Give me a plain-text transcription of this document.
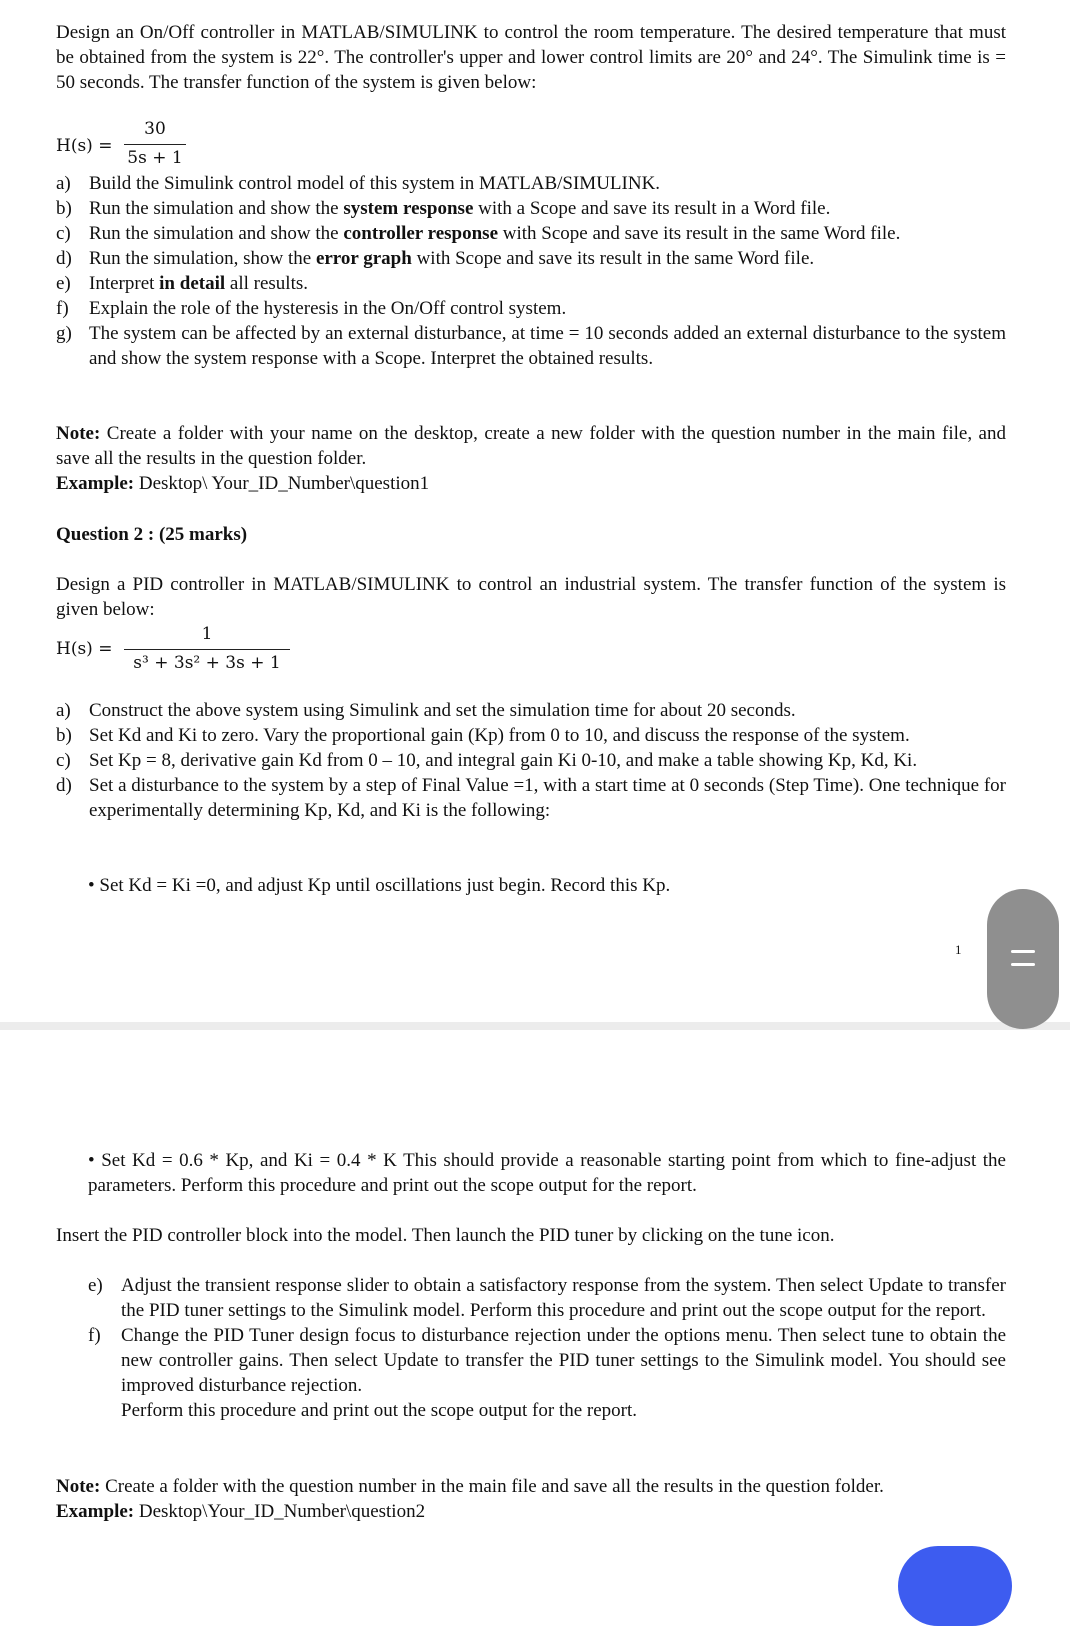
Design an On/Off controller in MATLAB/SIMULINK to control the room temperature. The desired temperature that must be obtained from the system is 22°. The controller's upper and lower control limits are 20° and 24°. The Simulink time is = 50 seconds. The transfer function of the system is given below:

H(s) =
30
5s + 1
a) Build the Simulink control model of this system in MATLAB/SIMULINK.
b) Run the simulation and show the system response with a Scope and save its result in a Word file.
c) Run the simulation and show the controller response with Scope and save its result in the same Word file.
d) Run the simulation, show the error graph with Scope and save its result in the same Word file.
e) Interpret in detail all results.
f) Explain the role of the hysteresis in the On/Off control system.
g) The system can be affected by an external disturbance, at time = 10 seconds added an external disturbance to the system and show the system response with a Scope. Interpret the obtained results.

Note: Create a folder with your name on the desktop, create a new folder with the question number in the main file, and save all the results in the question folder.
Example: Desktop\ Your_ID_Number\question1

Question 2 : (25 marks)

Design a PID controller in MATLAB/SIMULINK to control an industrial system. The transfer function of the system is given below:

H(s) =
1
s³ + 3s² + 3s + 1
a) Construct the above system using Simulink and set the simulation time for about 20 seconds.
b) Set Kd and Ki to zero. Vary the proportional gain (Kp) from 0 to 10, and discuss the response of the system.
c) Set Kp = 8, derivative gain Kd from 0 – 10, and integral gain Ki 0-10, and make a table showing Kp, Kd, Ki.
d) Set a disturbance to the system by a step of Final Value =1, with a start time at 0 seconds (Step Time). One technique for experimentally determining Kp, Kd, and Ki is the following:

• Set Kd = Ki =0, and adjust Kp until oscillations just begin. Record this Kp.

1

• Set Kd = 0.6 * Kp, and Ki = 0.4 * K This should provide a reasonable starting point from which to fine-adjust the parameters. Perform this procedure and print out the scope output for the report.

Insert the PID controller block into the model. Then launch the PID tuner by clicking on the tune icon.

e) Adjust the transient response slider to obtain a satisfactory response from the system. Then select Update to transfer the PID tuner settings to the Simulink model. Perform this procedure and print out the scope output for the report.
f) Change the PID Tuner design focus to disturbance rejection under the options menu. Then select tune to obtain the new controller gains. Then select Update to transfer the PID tuner settings to the Simulink model. You should see improved disturbance rejection.
Perform this procedure and print out the scope output for the report.

Note: Create a folder with the question number in the main file and save all the results in the question folder.
Example: Desktop\Your_ID_Number\question2
